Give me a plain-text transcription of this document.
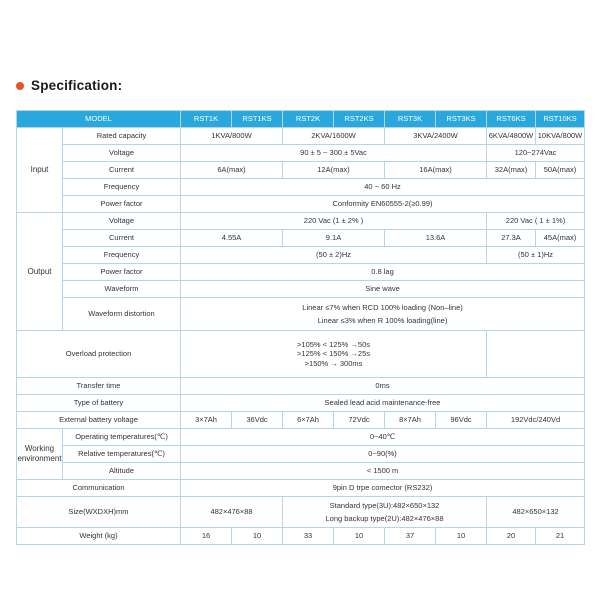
Specification:
MODEL		RST1K	RST1KS	RST2K	RST2KS	RST3K	RST3KS	RST6KS	RST10KS
Input	Rated capacity	1KVA/800W		2KVA/1600W		3KVA/2400W		6KVA/4800W	10KVA/800W
	Voltage	90 ± 5 ~ 300 ± 5Vac						120~274Vac	
	Current	6A(max)		12A(max)		16A(max)		32A(max)	50A(max)
	Frequency	40 ~ 60 Hz							
	Power factor	Conformity EN60555-2(≥0.99)							
Output	Voltage	220 Vac (1 ± 2% )						220 Vac ( 1 ± 1%)	
	Current	4.55A		9.1A		13.6A		27.3A	45A(max)
	Frequency	(50 ± 2)Hz						(50 ± 1)Hz	
	Power factor	0.8 lag							
	Waveform	Sine wave							
	Waveform distortion	Linear ≤7% when RCD 100% loading (Non–line)
Linear ≤3% when R 100% loading(line)							

Overload protection		>105% < 125% →50s
>125% < 150% →25s
>150% → 300ms							
Transfer time		0ms							
Type of battery		Sealed lead acid maintenance-free							
External battery voltage		3×7Ah	36Vdc	6×7Ah	72Vdc	8×7Ah	96Vdc	192Vdc/240Vd	
Working environment	Operating temperatures(℃)	0~40℃							
	Relative temperatures(℃)	0~90(%)							
	Altitude	< 1500 m							
Communication		9pin D trpe comector (RS232)							
Size(WXDXH)mm		482×476×88		Standard type(3U):482×650×132
Long backup type(2U):482×476×88				482×650×132	
Weight (kg)		16	10	33	10	37	10	20	21
